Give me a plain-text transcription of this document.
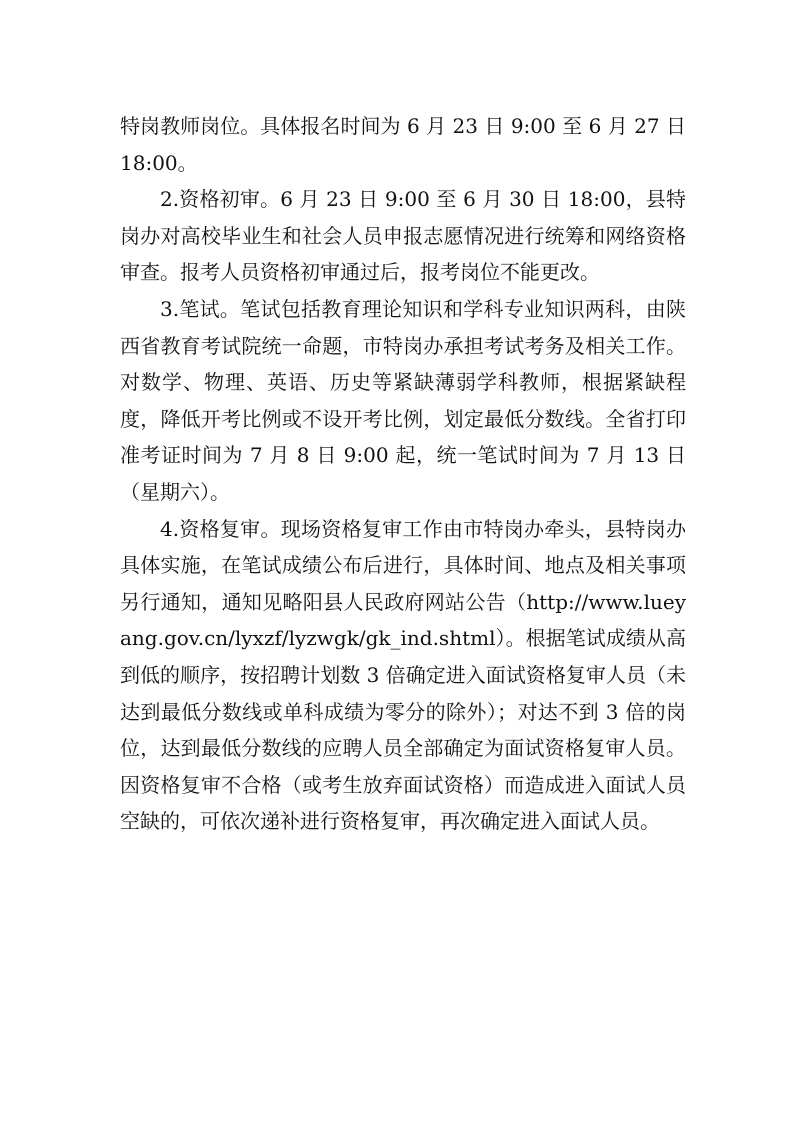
特岗教师岗位。具体报名时间为 6 月 23 日 9:00 至 6 月 27 日 18:00。

2.资格初审。6 月 23 日 9:00 至 6 月 30 日 18:00，县特岗办对高校毕业生和社会人员申报志愿情况进行统筹和网络资格审查。报考人员资格初审通过后，报考岗位不能更改。

3.笔试。笔试包括教育理论知识和学科专业知识两科，由陕西省教育考试院统一命题，市特岗办承担考试考务及相关工作。对数学、物理、英语、历史等紧缺薄弱学科教师，根据紧缺程度，降低开考比例或不设开考比例，划定最低分数线。全省打印准考证时间为 7 月 8 日 9:00 起，统一笔试时间为 7 月 13 日（星期六）。

4.资格复审。现场资格复审工作由市特岗办牵头，县特岗办具体实施，在笔试成绩公布后进行，具体时间、地点及相关事项另行通知，通知见略阳县人民政府网站公告（http://www.lueyang.gov.cn/lyxzf/lyzwgk/gk_ind.shtml）。根据笔试成绩从高到低的顺序，按招聘计划数 3 倍确定进入面试资格复审人员（未达到最低分数线或单科成绩为零分的除外）；对达不到 3 倍的岗位，达到最低分数线的应聘人员全部确定为面试资格复审人员。因资格复审不合格（或考生放弃面试资格）而造成进入面试人员空缺的，可依次递补进行资格复审，再次确定进入面试人员。
